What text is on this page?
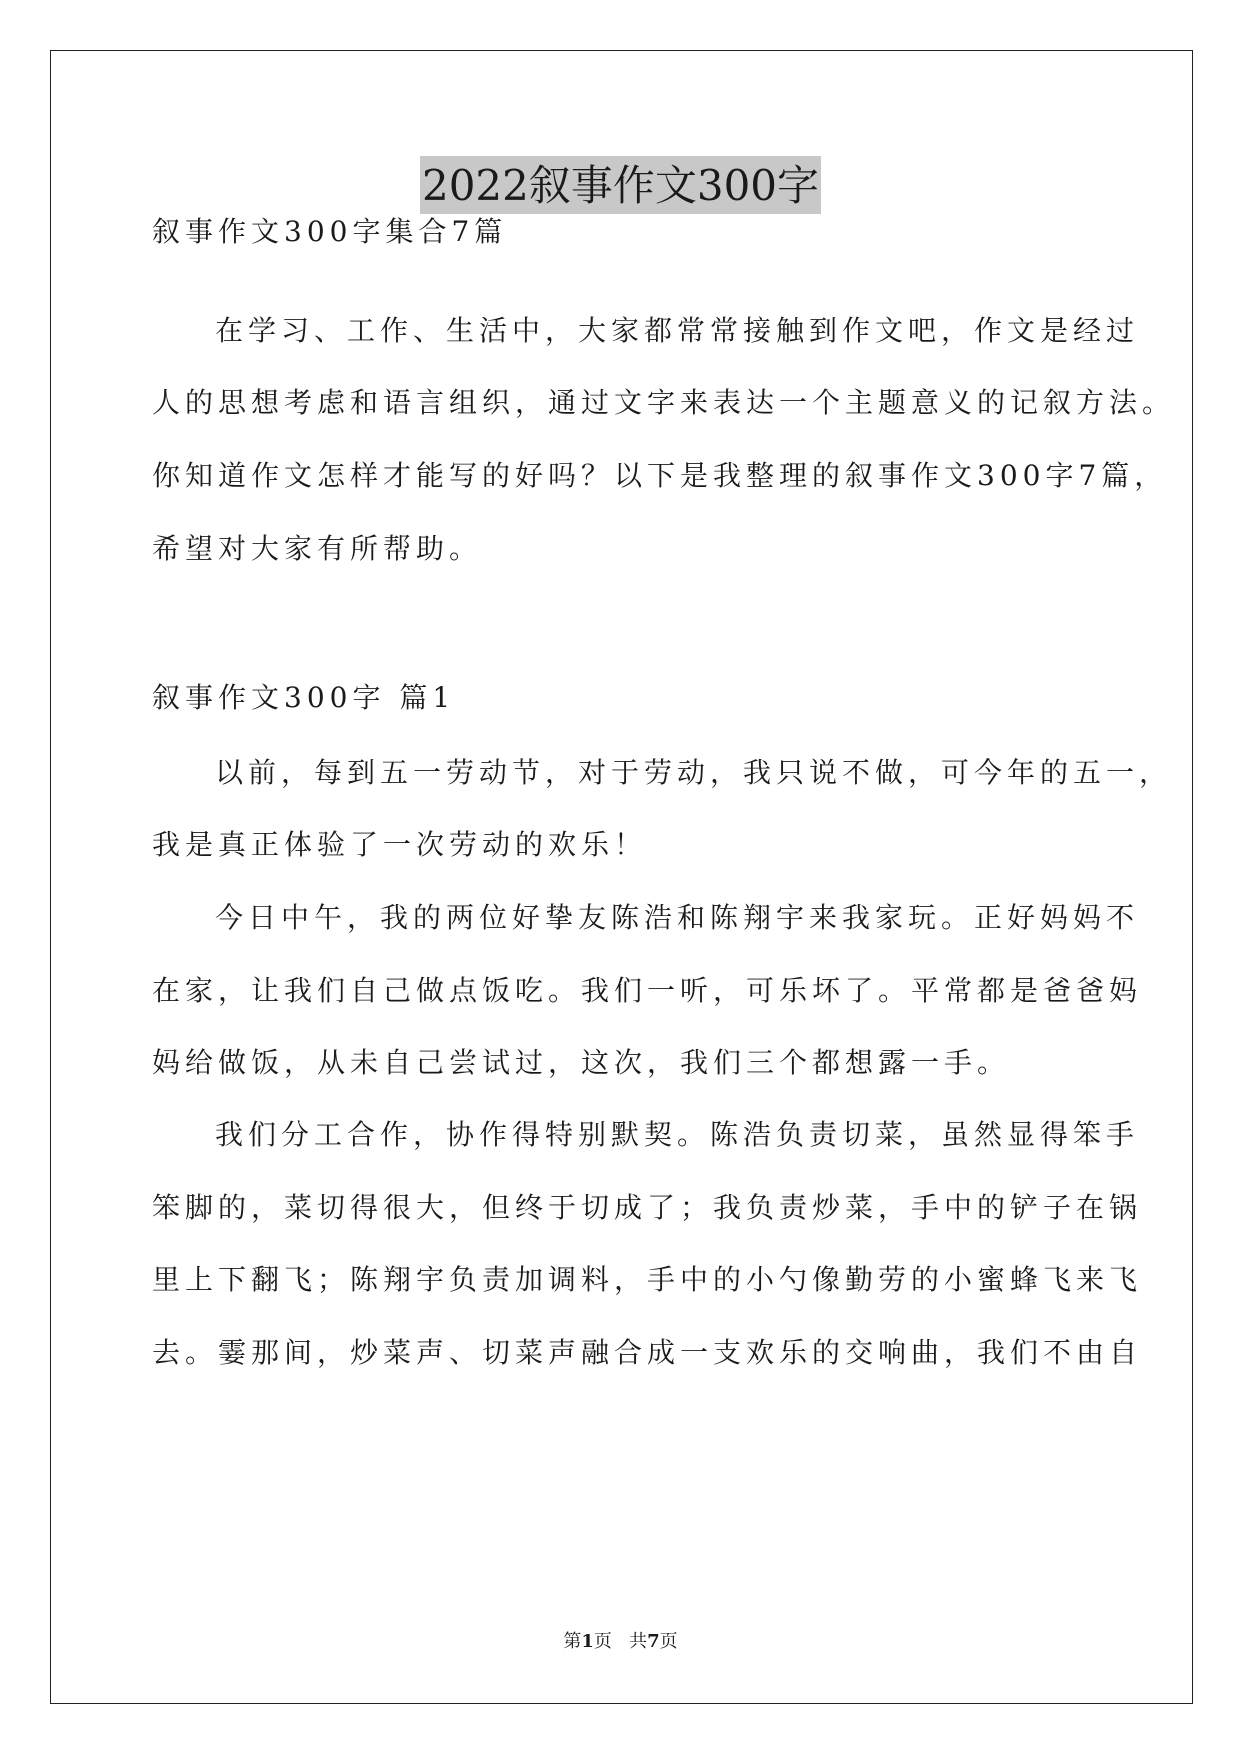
2022叙事作文300字

叙事作文300字集合7篇

在学习、工作、生活中，大家都常常接触到作文吧，作文是经过

人的思想考虑和语言组织，通过文字来表达一个主题意义的记叙方法。

你知道作文怎样才能写的好吗？以下是我整理的叙事作文300字7篇，

希望对大家有所帮助。

叙事作文300字 篇1

以前，每到五一劳动节，对于劳动，我只说不做，可今年的五一，

我是真正体验了一次劳动的欢乐！

今日中午，我的两位好挚友陈浩和陈翔宇来我家玩。正好妈妈不

在家，让我们自己做点饭吃。我们一听，可乐坏了。平常都是爸爸妈

妈给做饭，从未自己尝试过，这次，我们三个都想露一手。

我们分工合作，协作得特别默契。陈浩负责切菜，虽然显得笨手

笨脚的，菜切得很大，但终于切成了；我负责炒菜，手中的铲子在锅

里上下翻飞；陈翔宇负责加调料，手中的小勺像勤劳的小蜜蜂飞来飞

去。霎那间，炒菜声、切菜声融合成一支欢乐的交响曲，我们不由自

第1页 共7页
